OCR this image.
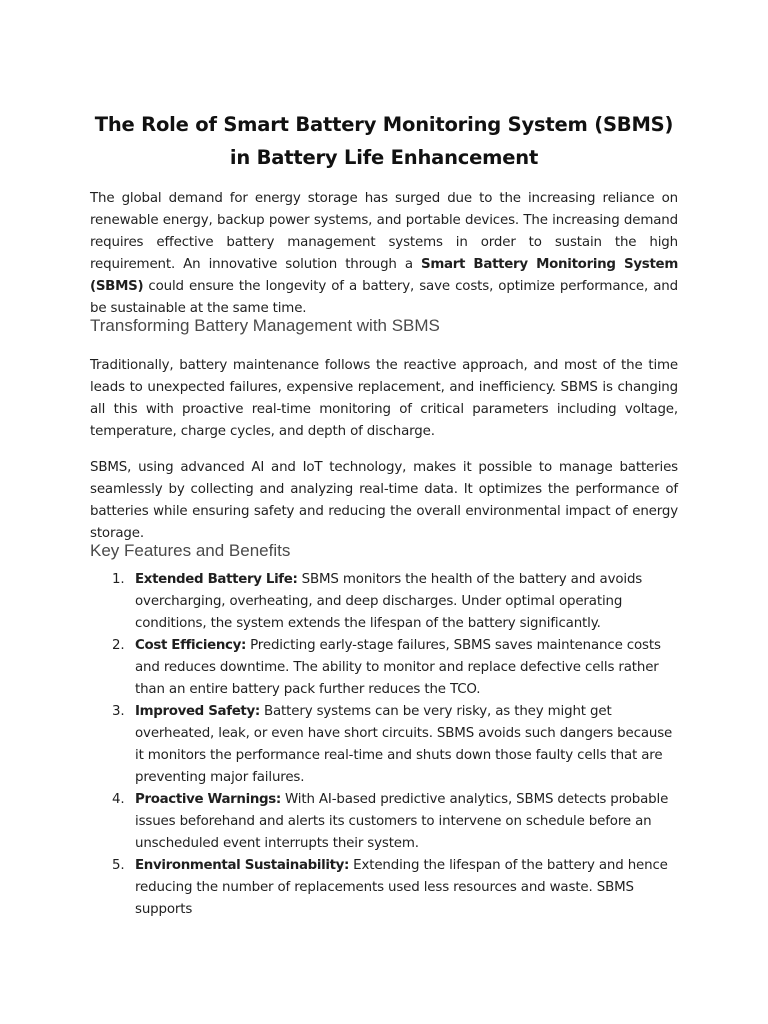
The Role of Smart Battery Monitoring System (SBMS) in Battery Life Enhancement

The global demand for energy storage has surged due to the increasing reliance on renewable energy, backup power systems, and portable devices. The increasing demand requires effective battery management systems in order to sustain the high requirement. An innovative solution through a Smart Battery Monitoring System (SBMS) could ensure the longevity of a battery, save costs, optimize performance, and be sustainable at the same time.

Transforming Battery Management with SBMS

Traditionally, battery maintenance follows the reactive approach, and most of the time leads to unexpected failures, expensive replacement, and inefficiency. SBMS is changing all this with proactive real-time monitoring of critical parameters including voltage, temperature, charge cycles, and depth of discharge.

SBMS, using advanced AI and IoT technology, makes it possible to manage batteries seamlessly by collecting and analyzing real-time data. It optimizes the performance of batteries while ensuring safety and reducing the overall environmental impact of energy storage.

Key Features and Benefits
1. Extended Battery Life: SBMS monitors the health of the battery and avoids overcharging, overheating, and deep discharges. Under optimal operating conditions, the system extends the lifespan of the battery significantly.
2. Cost Efficiency: Predicting early-stage failures, SBMS saves maintenance costs and reduces downtime. The ability to monitor and replace defective cells rather than an entire battery pack further reduces the TCO.
3. Improved Safety: Battery systems can be very risky, as they might get overheated, leak, or even have short circuits. SBMS avoids such dangers because it monitors the performance real-time and shuts down those faulty cells that are preventing major failures.
4. Proactive Warnings: With AI-based predictive analytics, SBMS detects probable issues beforehand and alerts its customers to intervene on schedule before an unscheduled event interrupts their system.
5. Environmental Sustainability: Extending the lifespan of the battery and hence reducing the number of replacements used less resources and waste. SBMS supports
